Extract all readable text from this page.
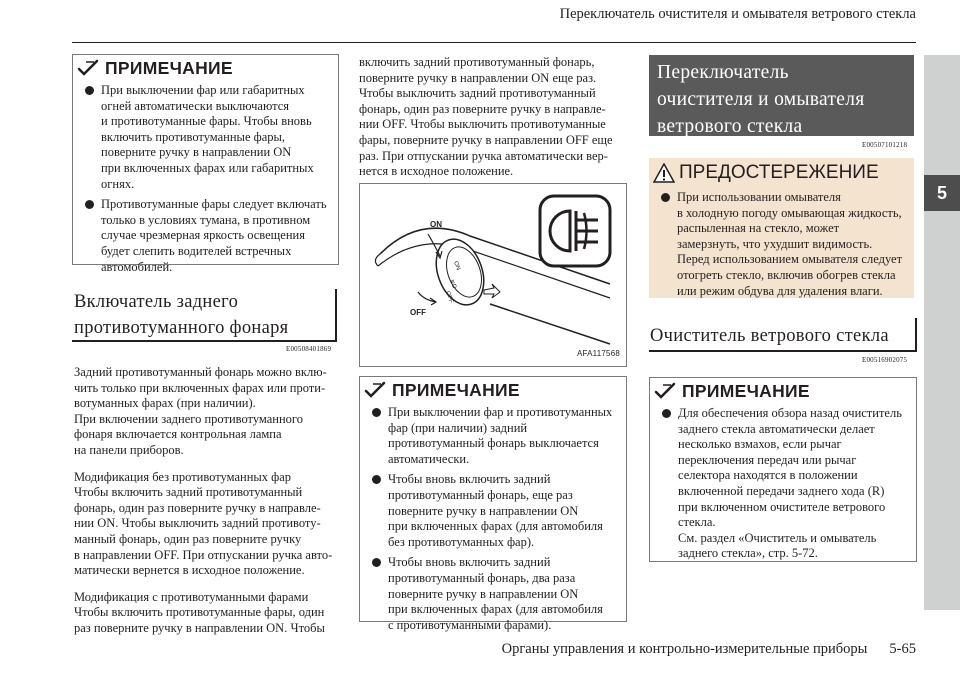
Переключатель очистителя и омывателя ветрового стекла
5
ПРИМЕЧАНИЕ
При выключении фар или габаритных
огней автоматически выключаются
и противотуманные фары. Чтобы вновь
включить противотуманные фары,
поверните ручку в направлении ON
при включенных фарах или габаритных
огнях.
Противотуманные фары следует включать
только в условиях тумана, в противном
случае чрезмерная яркость освещения
будет слепить водителей встречных
автомобилей.
Включатель заднего
противотуманного фонаря
E00508401869
Задний противотуманный фонарь можно вклю-
чить только при включенных фарах или проти-
вотуманных фарах (при наличии).
При включении заднего противотуманного
фонаря включается контрольная лампа
на панели приборов.
Модификация без противотуманных фар
Чтобы включить задний противотуманный
фонарь, один раз поверните ручку в направле-
нии ON. Чтобы выключить задний противоту-
манный фонарь, один раз поверните ручку
в направлении OFF. При отпускании ручка авто-
матически вернется в исходное положение.
Модификация с противотуманными фарами
Чтобы включить противотуманные фары, один
раз поверните ручку в направлении ON. Чтобы
включить задний противотуманный фонарь,
поверните ручку в направлении ON еще раз.
Чтобы выключить задний противотуманный
фонарь, один раз поверните ручку в направле-
нии OFF. Чтобы выключить противотуманные
фары, поверните ручку в направлении OFF еще
раз. При отпускании ручка автоматически вер-
нется в исходное положение.
ON
≋D
OFF
ON
OFF
AFA117568
ПРИМЕЧАНИЕ
При выключении фар и противотуманных
фар (при наличии) задний
противотуманный фонарь выключается
автоматически.
Чтобы вновь включить задний
противотуманный фонарь, еще раз
поверните ручку в направлении ON
при включенных фарах (для автомобиля
без противотуманных фар).
Чтобы вновь включить задний
противотуманный фонарь, два раза
поверните ручку в направлении ON
при включенных фарах (для автомобиля
с противотуманными фарами).
Переключатель
очистителя и омывателя
ветрового стекла
E00507101218
ПРЕДОСТЕРЕЖЕНИЕ
При использовании омывателя
в холодную погоду омывающая жидкость,
распыленная на стекло, может
замерзнуть, что ухудшит видимость.
Перед использованием омывателя следует
отогреть стекло, включив обогрев стекла
или режим обдува для удаления влаги.
Очиститель ветрового стекла
E00516902075
ПРИМЕЧАНИЕ
Для обеспечения обзора назад очиститель
заднего стекла автоматически делает
несколько взмахов, если рычаг
переключения передач или рычаг
селектора находятся в положении
включенной передачи заднего хода (R)
при включенном очистителе ветрового
стекла.
См. раздел «Очиститель и омыватель
заднего стекла», стр. 5-72.
Органы управления и контрольно-измерительные приборы 5-65
